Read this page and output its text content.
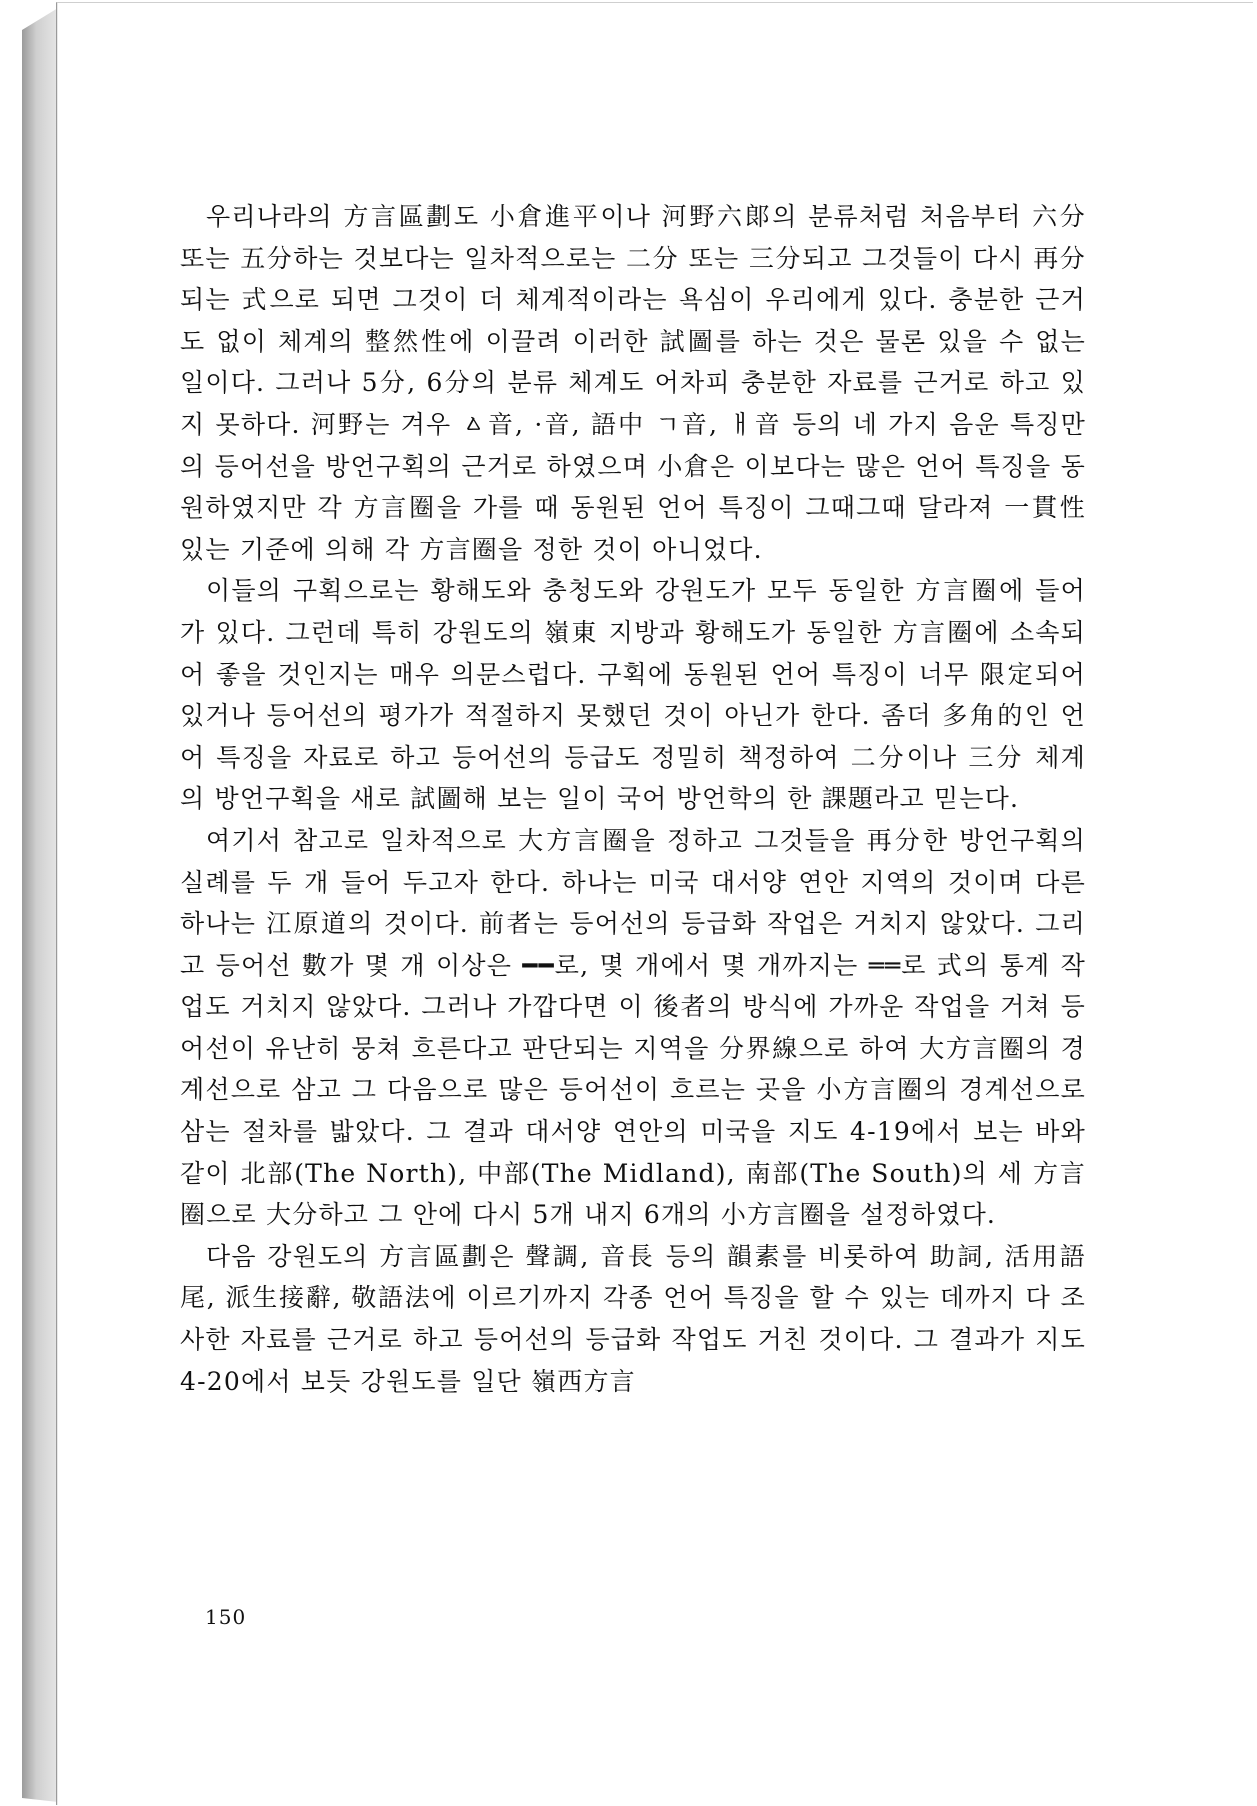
우리나라의 方言區劃도 小倉進平이나 河野六郞의 분류처럼 처음부터 六分 또는 五分하는 것보다는 일차적으로는 二分 또는 三分되고 그것들이 다시 再分되는 式으로 되면 그것이 더 체계적이라는 욕심이 우리에게 있다. 충분한 근거도 없이 체계의 整然性에 이끌려 이러한 試圖를 하는 것은 물론 있을 수 없는 일이다. 그러나 5分, 6分의 분류 체계도 어차피 충분한 자료를 근거로 하고 있지 못하다. 河野는 겨우 ㅿ音, ·音, 語中 ㄱ音, ㅐ音 등의 네 가지 음운 특징만의 등어선을 방언구획의 근거로 하였으며 小倉은 이보다는 많은 언어 특징을 동원하였지만 각 方言圈을 가를 때 동원된 언어 특징이 그때그때 달라져 一貫性 있는 기준에 의해 각 方言圈을 정한 것이 아니었다.

이들의 구획으로는 황해도와 충청도와 강원도가 모두 동일한 方言圈에 들어가 있다. 그런데 특히 강원도의 嶺東 지방과 황해도가 동일한 方言圈에 소속되어 좋을 것인지는 매우 의문스럽다. 구획에 동원된 언어 특징이 너무 限定되어 있거나 등어선의 평가가 적절하지 못했던 것이 아닌가 한다. 좀더 多角的인 언어 특징을 자료로 하고 등어선의 등급도 정밀히 책정하여 二分이나 三分 체계의 방언구획을 새로 試圖해 보는 일이 국어 방언학의 한 課題라고 믿는다.

여기서 참고로 일차적으로 大方言圈을 정하고 그것들을 再分한 방언구획의 실례를 두 개 들어 두고자 한다. 하나는 미국 대서양 연안 지역의 것이며 다른 하나는 江原道의 것이다. 前者는 등어선의 등급화 작업은 거치지 않았다. 그리고 등어선 數가 몇 개 이상은 ━━로, 몇 개에서 몇 개까지는 ══로 式의 통계 작업도 거치지 않았다. 그러나 가깝다면 이 後者의 방식에 가까운 작업을 거쳐 등어선이 유난히 뭉쳐 흐른다고 판단되는 지역을 分界線으로 하여 大方言圈의 경계선으로 삼고 그 다음으로 많은 등어선이 흐르는 곳을 小方言圈의 경계선으로 삼는 절차를 밟았다. 그 결과 대서양 연안의 미국을 지도 4-19에서 보는 바와 같이 北部(The North), 中部(The Midland), 南部(The South)의 세 方言圈으로 大分하고 그 안에 다시 5개 내지 6개의 小方言圈을 설정하였다.

다음 강원도의 方言區劃은 聲調, 音長 등의 韻素를 비롯하여 助詞, 活用語尾, 派生接辭, 敬語法에 이르기까지 각종 언어 특징을 할 수 있는 데까지 다 조사한 자료를 근거로 하고 등어선의 등급화 작업도 거친 것이다. 그 결과가 지도 4-20에서 보듯 강원도를 일단 嶺西方言

150
